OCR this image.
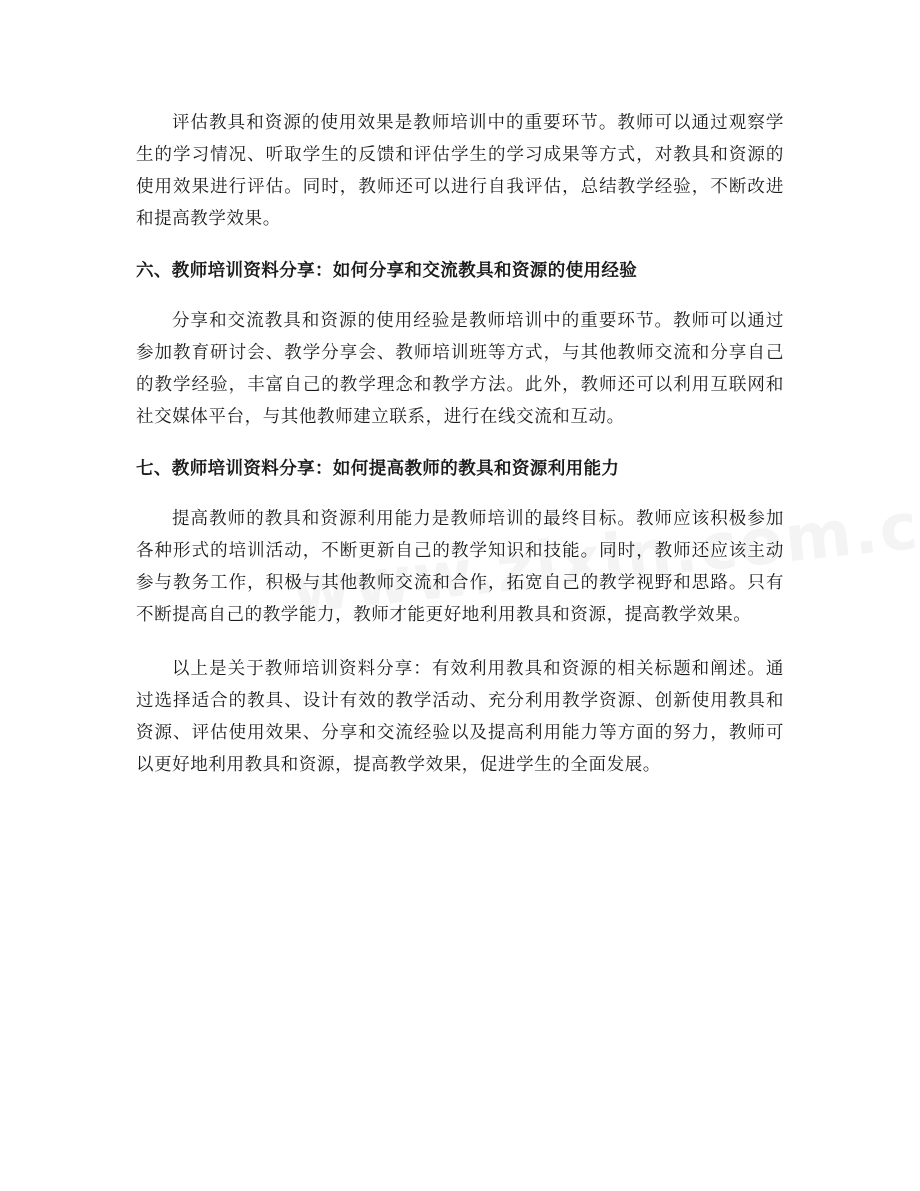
评估教具和资源的使用效果是教师培训中的重要环节。教师可以通过观察学生的学习情况、听取学生的反馈和评估学生的学习成果等方式，对教具和资源的使用效果进行评估。同时，教师还可以进行自我评估，总结教学经验，不断改进和提高教学效果。

六、教师培训资料分享：如何分享和交流教具和资源的使用经验

分享和交流教具和资源的使用经验是教师培训中的重要环节。教师可以通过参加教育研讨会、教学分享会、教师培训班等方式，与其他教师交流和分享自己的教学经验，丰富自己的教学理念和教学方法。此外，教师还可以利用互联网和社交媒体平台，与其他教师建立联系，进行在线交流和互动。

七、教师培训资料分享：如何提高教师的教具和资源利用能力

提高教师的教具和资源利用能力是教师培训的最终目标。教师应该积极参加各种形式的培训活动，不断更新自己的教学知识和技能。同时，教师还应该主动参与教务工作，积极与其他教师交流和合作，拓宽自己的教学视野和思路。只有不断提高自己的教学能力，教师才能更好地利用教具和资源，提高教学效果。

以上是关于教师培训资料分享：有效利用教具和资源的相关标题和阐述。通过选择适合的教具、设计有效的教学活动、充分利用教学资源、创新使用教具和资源、评估使用效果、分享和交流经验以及提高利用能力等方面的努力，教师可以更好地利用教具和资源，提高教学效果，促进学生的全面发展。
